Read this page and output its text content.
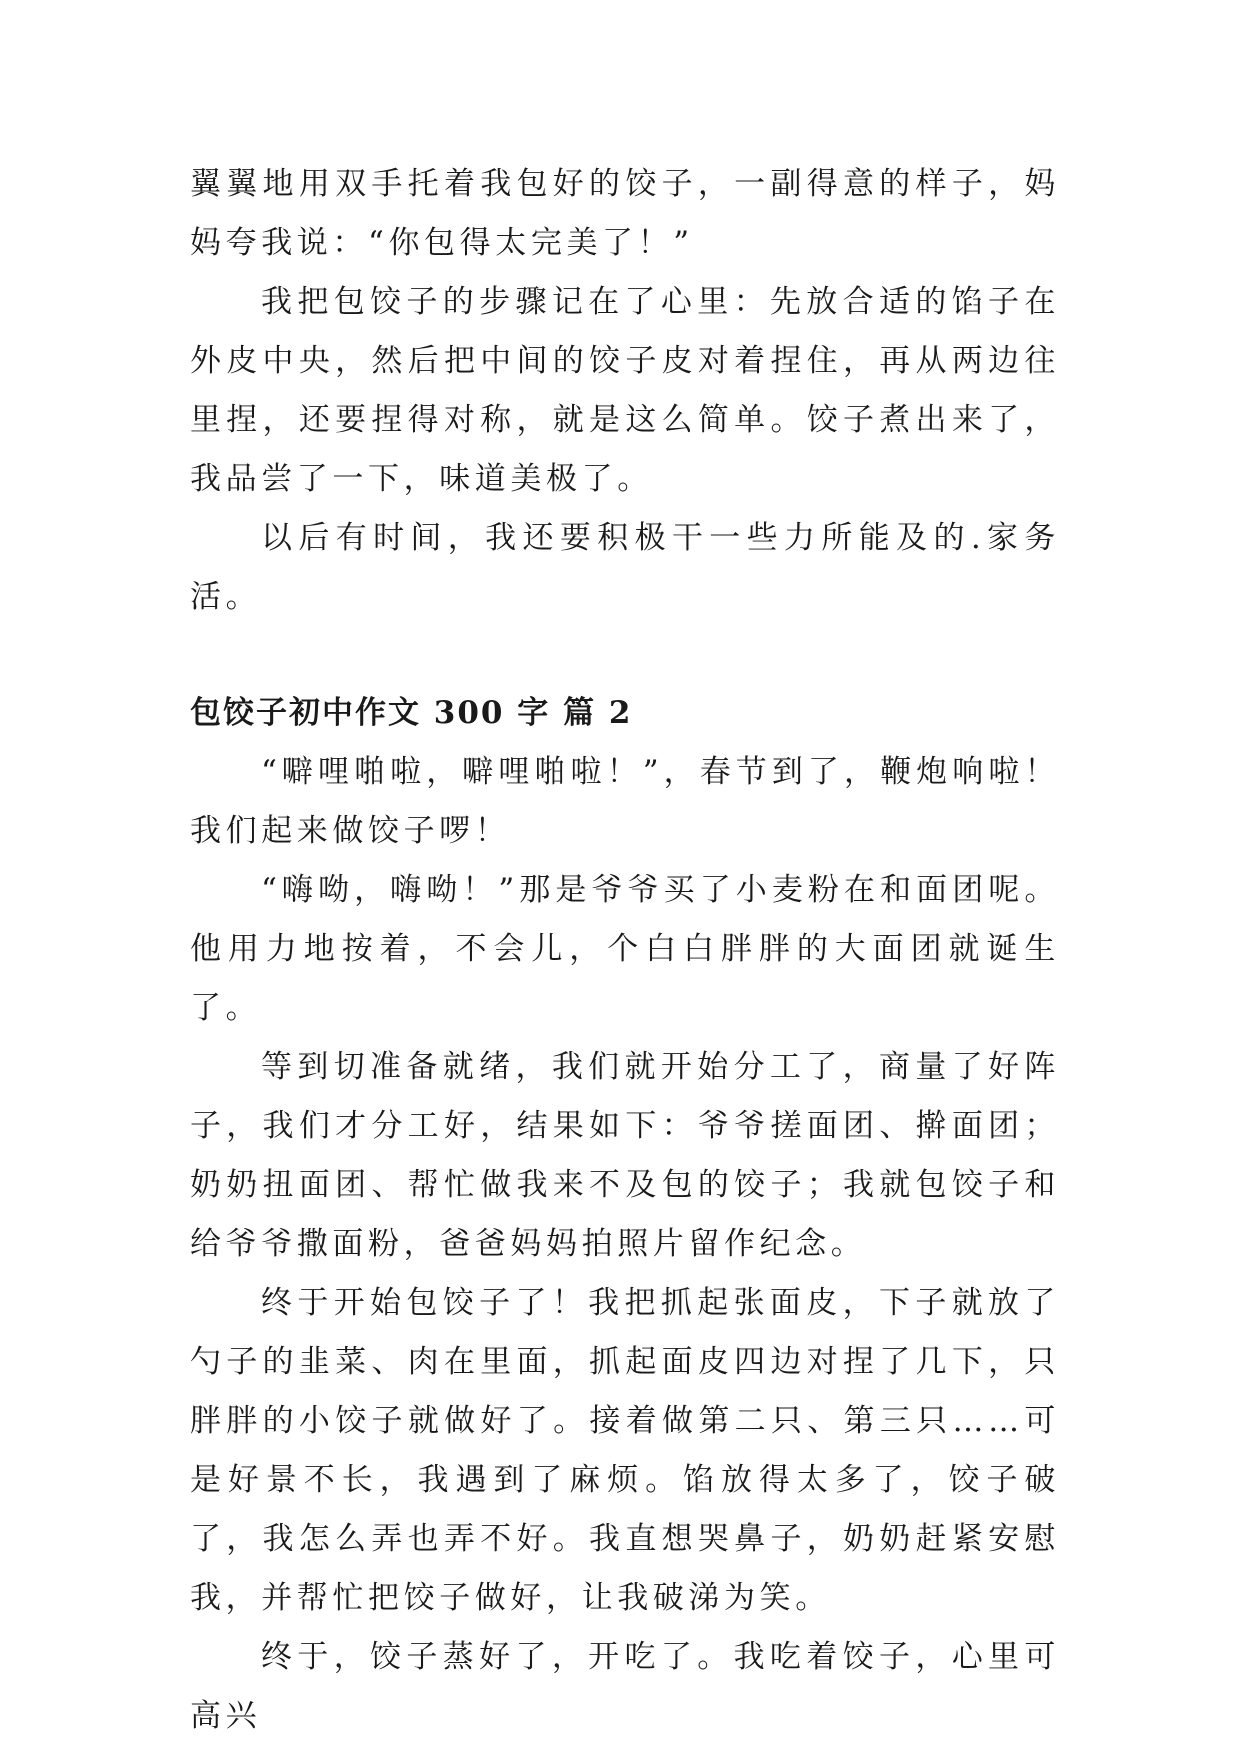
翼翼地用双手托着我包好的饺子，一副得意的样子，妈妈夸我说：“你包得太完美了！”

我把包饺子的步骤记在了心里：先放合适的馅子在外皮中央，然后把中间的饺子皮对着捏住，再从两边往里捏，还要捏得对称，就是这么简单。饺子煮出来了，我品尝了一下，味道美极了。

以后有时间，我还要积极干一些力所能及的.家务活。

包饺子初中作文 300 字 篇 2

“噼哩啪啦，噼哩啪啦！”，春节到了，鞭炮响啦！我们起来做饺子啰！

“嗨呦，嗨呦！”那是爷爷买了小麦粉在和面团呢。他用力地按着，不会儿，个白白胖胖的大面团就诞生了。

等到切准备就绪，我们就开始分工了，商量了好阵子，我们才分工好，结果如下：爷爷搓面团、擀面团；奶奶扭面团、帮忙做我来不及包的饺子；我就包饺子和给爷爷撒面粉，爸爸妈妈拍照片留作纪念。

终于开始包饺子了！我把抓起张面皮，下子就放了勺子的韭菜、肉在里面，抓起面皮四边对捏了几下，只胖胖的小饺子就做好了。接着做第二只、第三只……可是好景不长，我遇到了麻烦。馅放得太多了，饺子破了，我怎么弄也弄不好。我直想哭鼻子，奶奶赶紧安慰我，并帮忙把饺子做好，让我破涕为笑。

终于，饺子蒸好了，开吃了。我吃着饺子，心里可高兴
